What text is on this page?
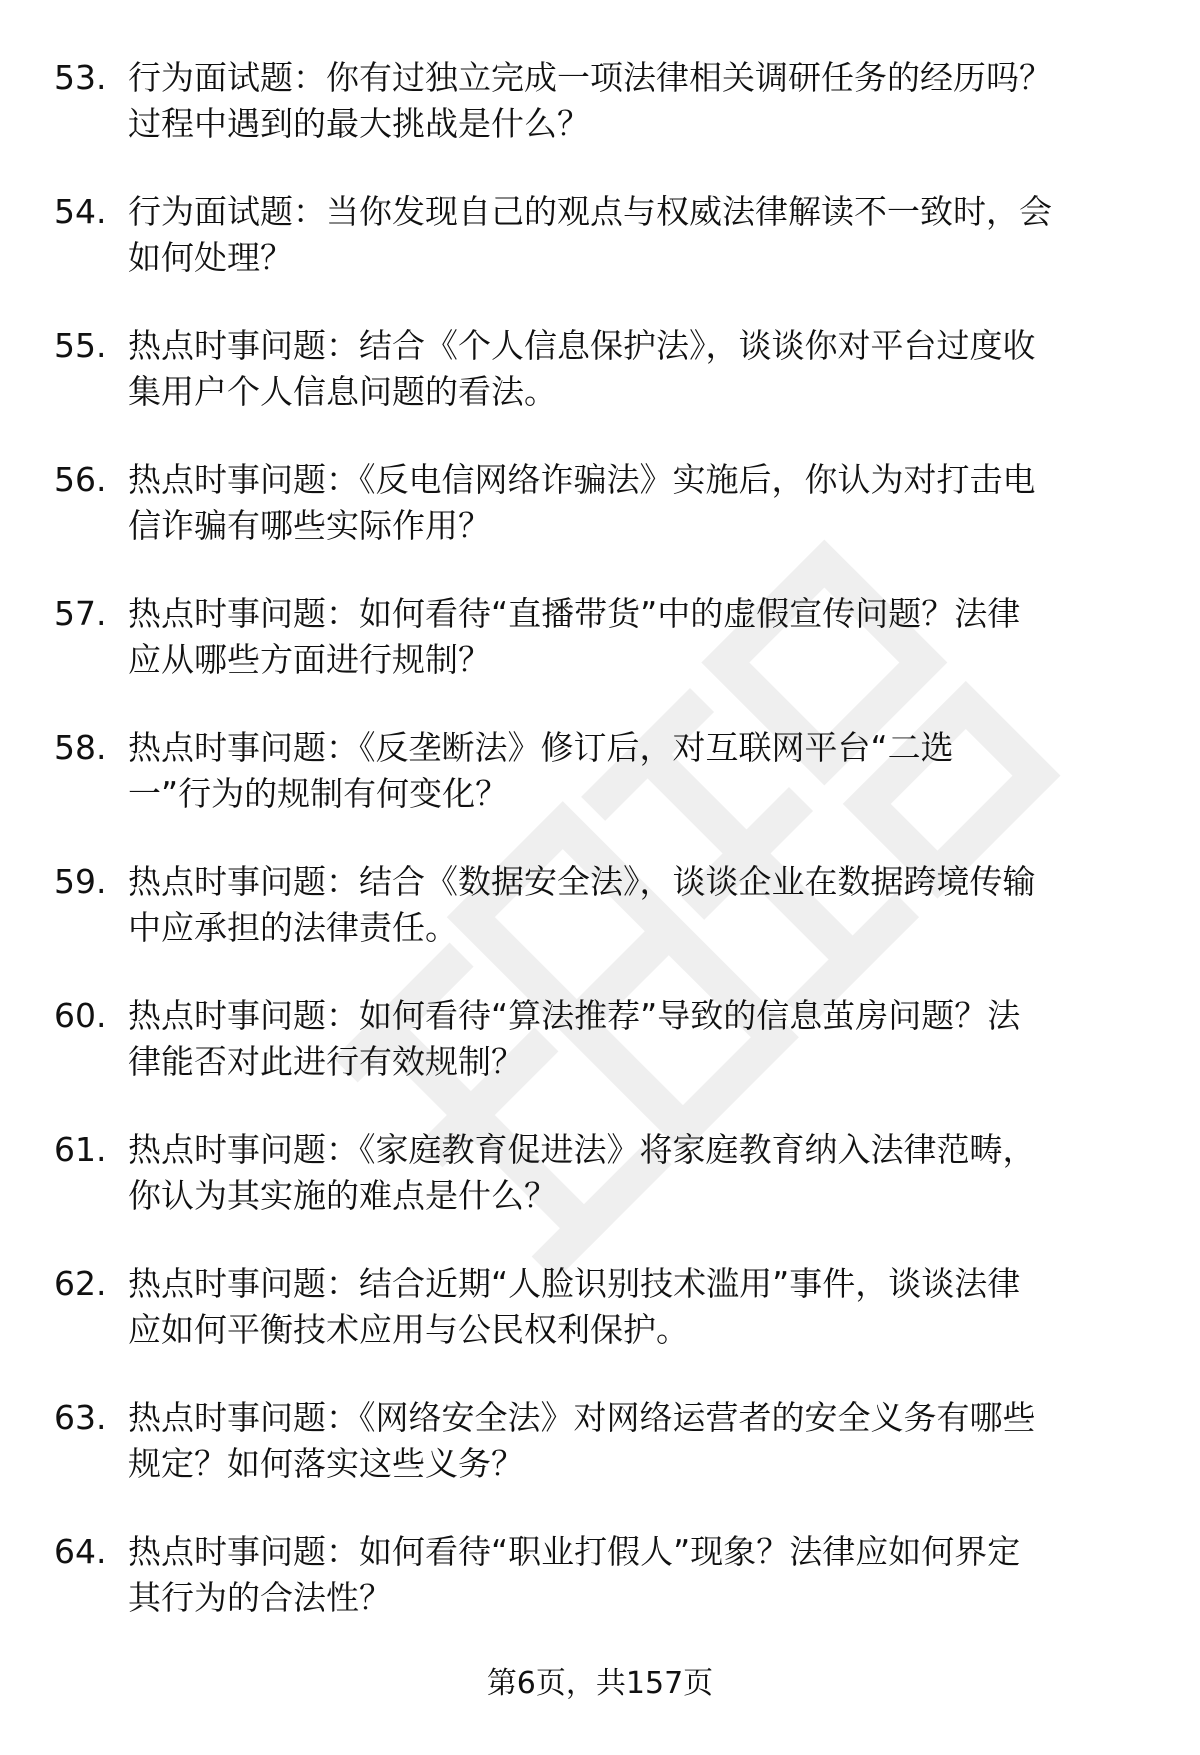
53. 行为面试题：你有过独立完成一项法律相关调研任务的经历吗？
过程中遇到的最大挑战是什么？
54. 行为面试题：当你发现自己的观点与权威法律解读不一致时，会
如何处理？
55. 热点时事问题：结合《个人信息保护法》，谈谈你对平台过度收
集用户个人信息问题的看法。
56. 热点时事问题：《反电信网络诈骗法》实施后，你认为对打击电
信诈骗有哪些实际作用？
57. 热点时事问题：如何看待“直播带货”中的虚假宣传问题？法律
应从哪些方面进行规制？
58. 热点时事问题：《反垄断法》修订后，对互联网平台“二选
一”行为的规制有何变化？
59. 热点时事问题：结合《数据安全法》，谈谈企业在数据跨境传输
中应承担的法律责任。
60. 热点时事问题：如何看待“算法推荐”导致的信息茧房问题？法
律能否对此进行有效规制？
61. 热点时事问题：《家庭教育促进法》将家庭教育纳入法律范畴，
你认为其实施的难点是什么？
62. 热点时事问题：结合近期“人脸识别技术滥用”事件，谈谈法律
应如何平衡技术应用与公民权利保护。
63. 热点时事问题：《网络安全法》对网络运营者的安全义务有哪些
规定？如何落实这些义务？
64. 热点时事问题：如何看待“职业打假人”现象？法律应如何界定
其行为的合法性？
第6页，共157页
